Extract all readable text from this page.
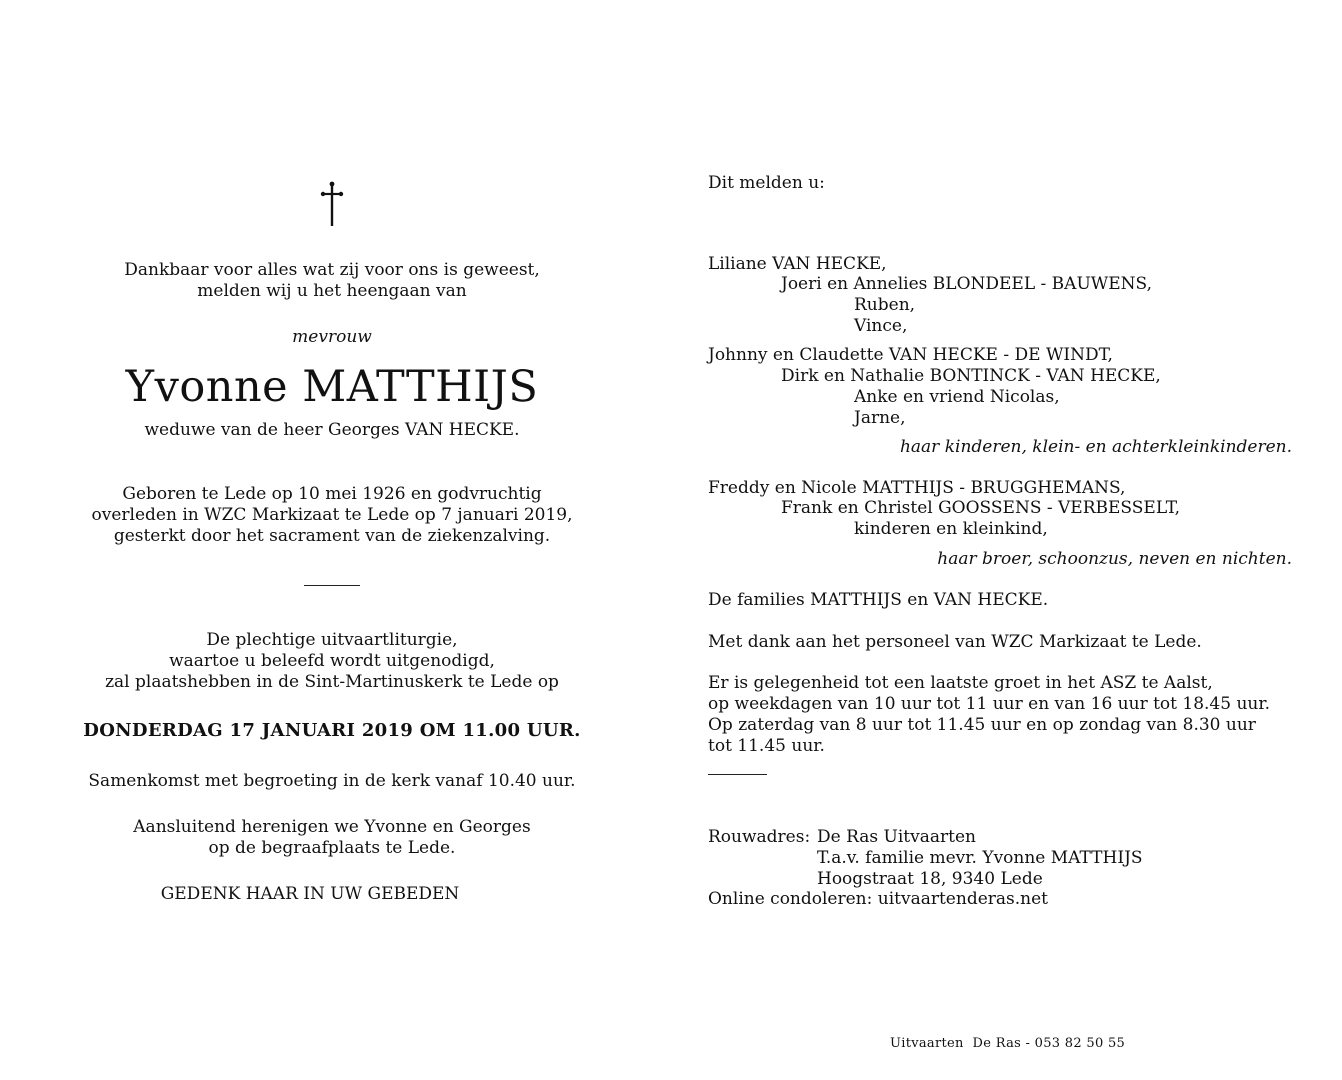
Dankbaar voor alles wat zij voor ons is geweest,
melden wij u het heengaan van
mevrouw
Yvonne MATTHIJS
weduwe van de heer Georges VAN HECKE.
Geboren te Lede op 10 mei 1926 en godvruchtig
overleden in WZC Markizaat te Lede op 7 januari 2019,
gesterkt door het sacrament van de ziekenzalving.
De plechtige uitvaartliturgie,
waartoe u beleefd wordt uitgenodigd,
zal plaatshebben in de Sint-Martinuskerk te Lede op
DONDERDAG 17 JANUARI 2019 OM 11.00 UUR.
Samenkomst met begroeting in de kerk vanaf 10.40 uur.
Aansluitend herenigen we Yvonne en Georges
op de begraafplaats te Lede.
GEDENK HAAR IN UW GEBEDEN
Dit melden u:
Liliane VAN HECKE,
Joeri en Annelies BLONDEEL - BAUWENS,
Ruben,
Vince,
Johnny en Claudette VAN HECKE - DE WINDT,
Dirk en Nathalie BONTINCK - VAN HECKE,
Anke en vriend Nicolas,
Jarne,
haar kinderen, klein- en achterkleinkinderen.
Freddy en Nicole MATTHIJS - BRUGGHEMANS,
Frank en Christel GOOSSENS - VERBESSELT,
kinderen en kleinkind,
haar broer, schoonzus, neven en nichten.
De families MATTHIJS en VAN HECKE.
Met dank aan het personeel van WZC Markizaat te Lede.
Er is gelegenheid tot een laatste groet in het ASZ te Aalst,
op weekdagen van 10 uur tot 11 uur en van 16 uur tot 18.45 uur.
Op zaterdag van 8 uur tot 11.45 uur en op zondag van 8.30 uur
tot 11.45 uur.
Rouwadres: De Ras Uitvaarten
T.a.v. familie mevr. Yvonne MATTHIJS
Hoogstraat 18, 9340 Lede
Online condoleren: uitvaartenderas.net
Uitvaarten  De Ras - 053 82 50 55
